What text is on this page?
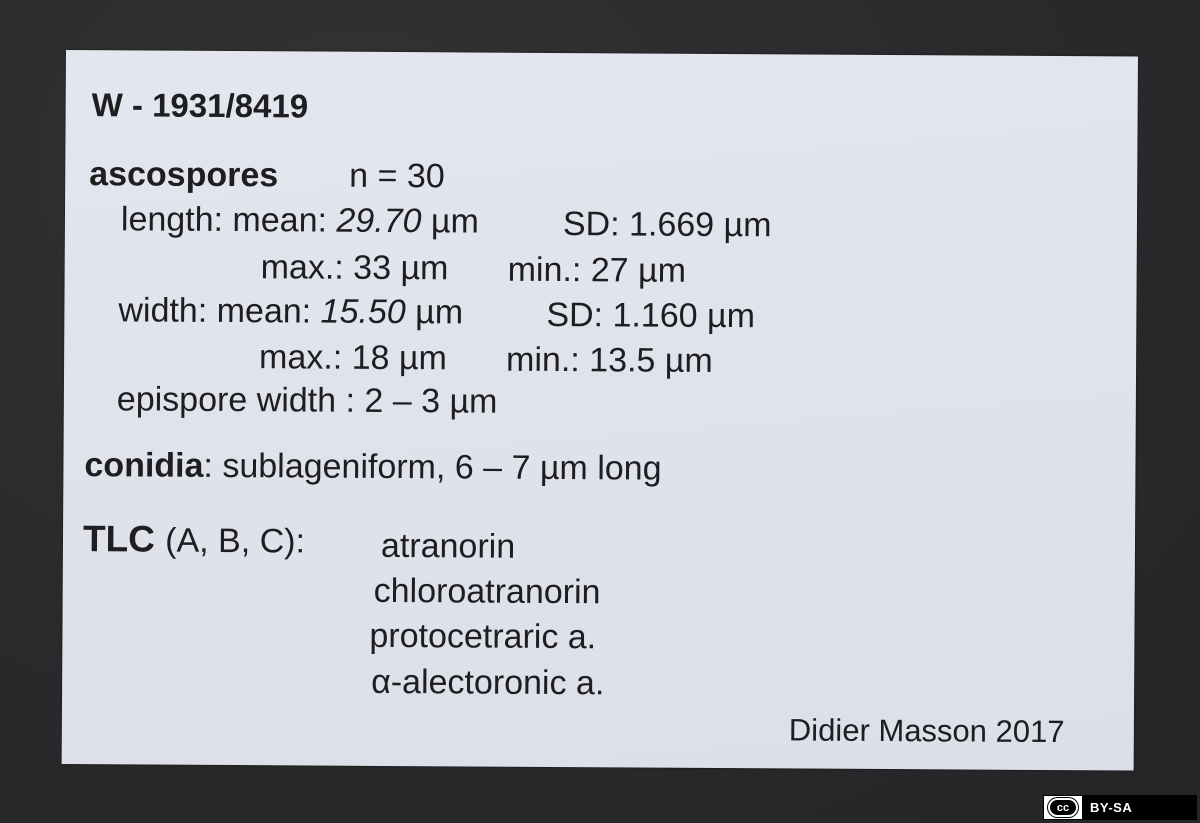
W - 1931/8419
ascospores n = 30
length: mean: 29.70 µm SD: 1.669 µm
max.: 33 µm min.: 27 µm
width: mean: 15.50 µm SD: 1.160 µm
max.: 18 µm min.: 13.5 µm
epispore width : 2 – 3 µm
conidia: sublageniform, 6 – 7 µm long
TLC (A, B, C): atranorin
chloroatranorin
protocetraric a.
α-alectoronic a.
Didier Masson 2017
cc	BY-SA
